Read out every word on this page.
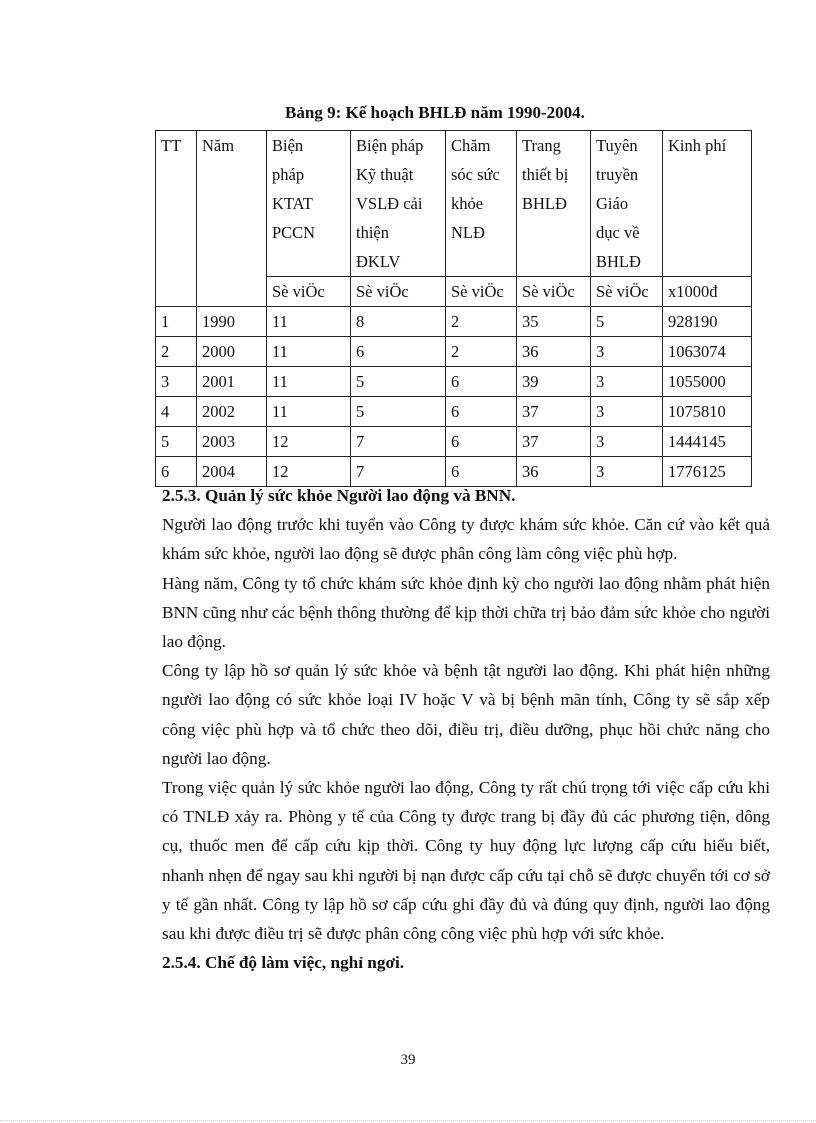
Bảng 9: Kế hoạch BHLĐ năm 1990-2004.
TT	Năm	Biện
pháp
KTAT
PCCN	Biện pháp
Kỹ thuật
VSLĐ cải
thiện
ĐKLV	Chăm
sóc sức
khỏe
NLĐ	Trang
thiết bị
BHLĐ	Tuyên
truyền
Giáo
dục về
BHLĐ	Kinh phí
		Sè viÖc	Sè viÖc	Sè viÖc	Sè viÖc	Sè viÖc	x1000đ
1	1990	11	8	2	35	5	928190
2	2000	11	6	2	36	3	1063074
3	2001	11	5	6	39	3	1055000
4	2002	11	5	6	37	3	1075810
5	2003	12	7	6	37	3	1444145
6	2004	12	7	6	36	3	1776125
2.5.3. Quản lý sức khỏe Người lao động và BNN.

Người lao động trước khi tuyển vào Công ty được khám sức khỏe. Căn cứ vào kết quả khám sức khỏe, người lao động sẽ được phân công làm công việc phù hợp.

Hàng năm, Công ty tổ chức khám sức khỏe định kỳ cho người lao động nhằm phát hiện BNN cũng như các bệnh thông thường để kịp thời chữa trị bảo đảm sức khỏe cho người lao động.

Công ty lập hồ sơ quản lý sức khỏe và bệnh tật người lao động. Khi phát hiện những người lao động có sức khỏe loại IV hoặc V và bị bệnh mãn tính, Công ty sẽ sắp xếp công việc phù hợp và tổ chức theo dõi, điều trị, điều dưỡng, phục hồi chức năng cho người lao động.

Trong việc quản lý sức khỏe người lao động, Công ty rất chú trọng tới việc cấp cứu khi có TNLĐ xảy ra. Phòng y tế của Công ty được trang bị đầy đủ các phương tiện, dông cụ, thuốc men để cấp cứu kịp thời. Công ty huy động lực lượng cấp cứu hiểu biết, nhanh nhẹn để ngay sau khi người bị nạn được cấp cứu tại chỗ sẽ được chuyển tới cơ sở y tế gần nhất. Công ty lập hồ sơ cấp cứu ghi đầy đủ và đúng quy định, người lao động sau khi được điều trị sẽ được phân công công việc phù hợp với sức khỏe.

2.5.4. Chế độ làm việc, nghỉ ngơi.
39
